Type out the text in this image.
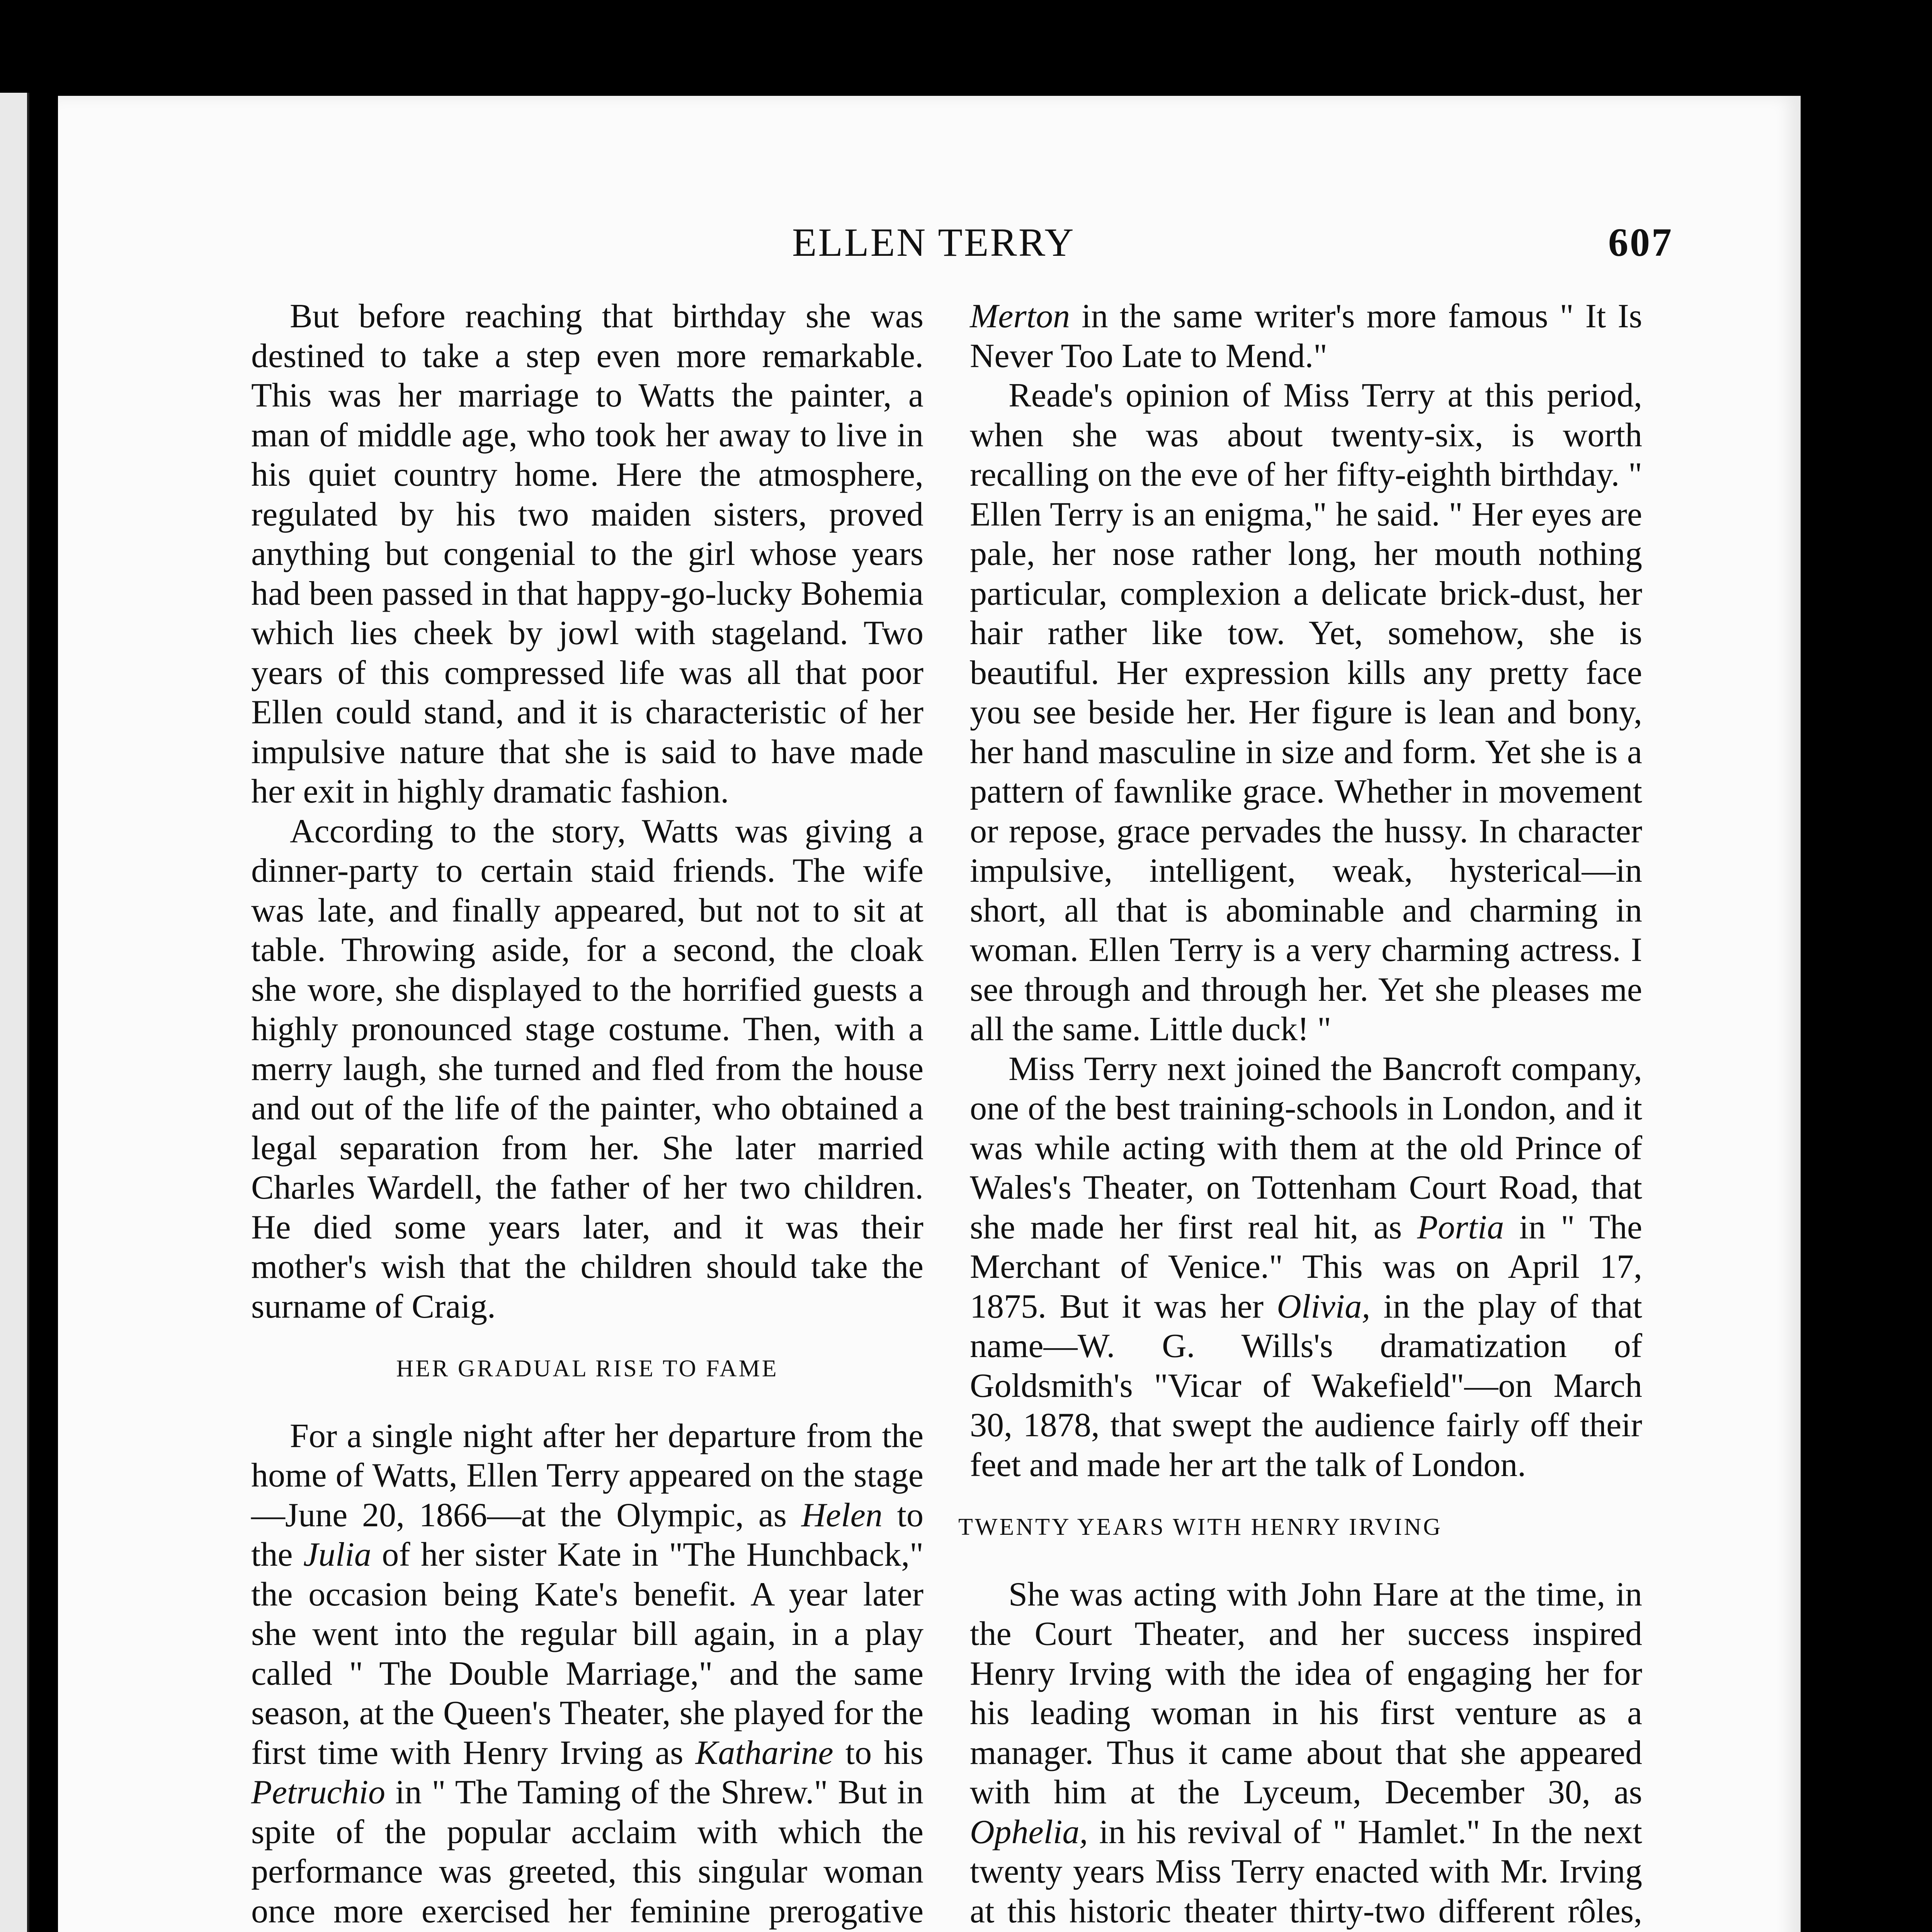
ELLEN TERRY	607

But before reaching that birthday she was destined to take a step even more remarkable. This was her marriage to Watts the painter, a man of middle age, who took her away to live in his quiet country home. Here the atmosphere, regulated by his two maiden sisters, proved anything but congenial to the girl whose years had been passed in that happy-go-lucky Bohemia which lies cheek by jowl with stageland. Two years of this compressed life was all that poor Ellen could stand, and it is characteristic of her impulsive nature that she is said to have made her exit in highly dramatic fashion.

According to the story, Watts was giving a dinner-party to certain staid friends. The wife was late, and finally appeared, but not to sit at table. Throwing aside, for a second, the cloak she wore, she displayed to the horrified guests a highly pronounced stage costume. Then, with a merry laugh, she turned and fled from the house and out of the life of the painter, who obtained a legal separation from her. She later married Charles Wardell, the father of her two children. He died some years later, and it was their mother's wish that the children should take the surname of Craig.

HER GRADUAL RISE TO FAME

For a single night after her departure from the home of Watts, Ellen Terry appeared on the stage—June 20, 1866—at the Olympic, as Helen to the Julia of her sister Kate in "The Hunchback," the occasion being Kate's benefit. A year later she went into the regular bill again, in a play called " The Double Marriage," and the same season, at the Queen's Theater, she played for the first time with Henry Irving as Katharine to his Petruchio in " The Taming of the Shrew." But in spite of the popular acclaim with which the performance was greeted, this singular woman once more exercised her feminine prerogative

Merton in the same writer's more famous " It Is Never Too Late to Mend."

Reade's opinion of Miss Terry at this period, when she was about twenty-six, is worth recalling on the eve of her fifty-eighth birthday. " Ellen Terry is an enigma," he said. " Her eyes are pale, her nose rather long, her mouth nothing particular, complexion a delicate brick-dust, her hair rather like tow. Yet, somehow, she is beautiful. Her expression kills any pretty face you see beside her. Her figure is lean and bony, her hand masculine in size and form. Yet she is a pattern of fawnlike grace. Whether in movement or repose, grace pervades the hussy. In character impulsive, intelligent, weak, hysterical—in short, all that is abominable and charming in woman. Ellen Terry is a very charming actress. I see through and through her. Yet she pleases me all the same. Little duck! "

Miss Terry next joined the Bancroft company, one of the best training-schools in London, and it was while acting with them at the old Prince of Wales's Theater, on Tottenham Court Road, that she made her first real hit, as Portia in " The Merchant of Venice." This was on April 17, 1875. But it was her Olivia, in the play of that name—W. G. Wills's dramatization of Goldsmith's "Vicar of Wakefield"—on March 30, 1878, that swept the audience fairly off their feet and made her art the talk of London.

TWENTY YEARS WITH HENRY IRVING

She was acting with John Hare at the time, in the Court Theater, and her success inspired Henry Irving with the idea of engaging her for his leading woman in his first venture as a manager. Thus it came about that she appeared with him at the Lyceum, December 30, as Ophelia, in his revival of " Hamlet." In the next twenty years Miss Terry enacted with Mr. Irving at this historic theater thirty-two different rôles,
